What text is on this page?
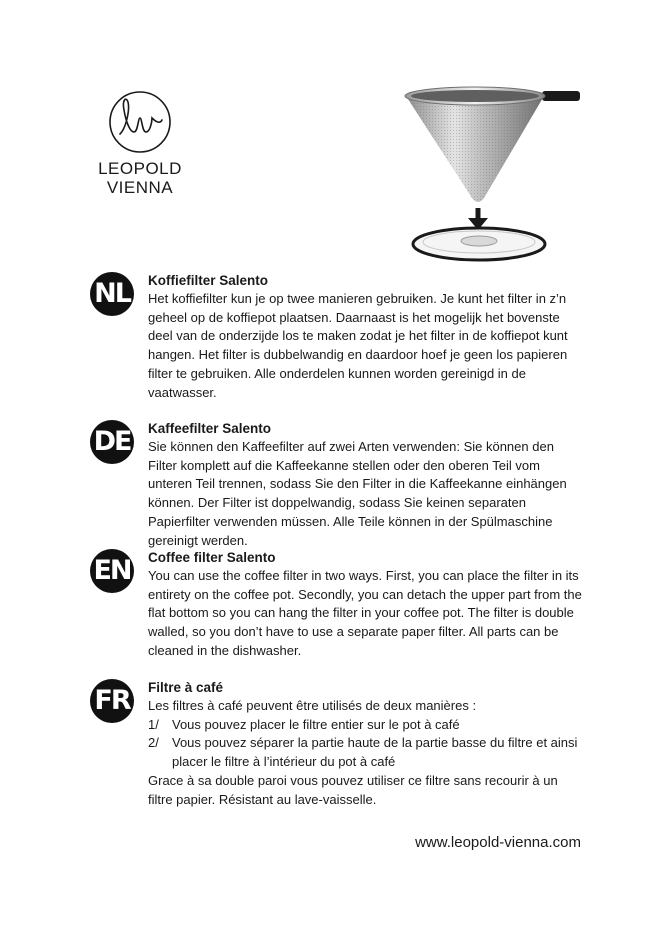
LEOPOLD
VIENNA
NL	Koffiefilter Salento

Het koffiefilter kun je op twee manieren gebruiken. Je kunt het filter in z’n geheel op de koffiepot plaatsen. Daarnaast is het mogelijk het bovenste deel van de onderzijde los te maken zodat je het filter in de koffiepot kunt hangen. Het filter is dubbelwandig en daardoor hoef je geen los papieren filter te gebruiken. Alle onderdelen kunnen worden gereinigd in de vaatwasser.

DE Kaffeefilter Salento

Sie können den Kaffeefilter auf zwei Arten verwenden: Sie können den Filter komplett auf die Kaffeekanne stellen oder den oberen Teil vom unteren Teil trennen, sodass Sie den Filter in die Kaffeekanne einhängen können. Der Filter ist doppelwandig, sodass Sie keinen separaten Papierfilter verwenden müssen. Alle Teile können in der Spülmaschine gereinigt werden.

EN Coffee filter Salento

You can use the coffee filter in two ways. First, you can place the filter in its entirety on the coffee pot. Secondly, you can detach the upper part from the flat bottom so you can hang the filter in your coffee pot. The filter is double walled, so you don’t have to use a separate paper filter. All parts can be cleaned in the dishwasher.

FR	Filtre à café

Les filtres à café peuvent être utilisés de deux manières :

1/ Vous pouvez placer le filtre entier sur le pot à café
2/ Vous pouvez séparer la partie haute de la partie basse du filtre et ainsi placer le filtre à l’intérieur du pot à café

Grace à sa double paroi vous pouvez utiliser ce filtre sans recourir à un filtre papier. Résistant au lave-vaisselle.

www.leopold-vienna.com
